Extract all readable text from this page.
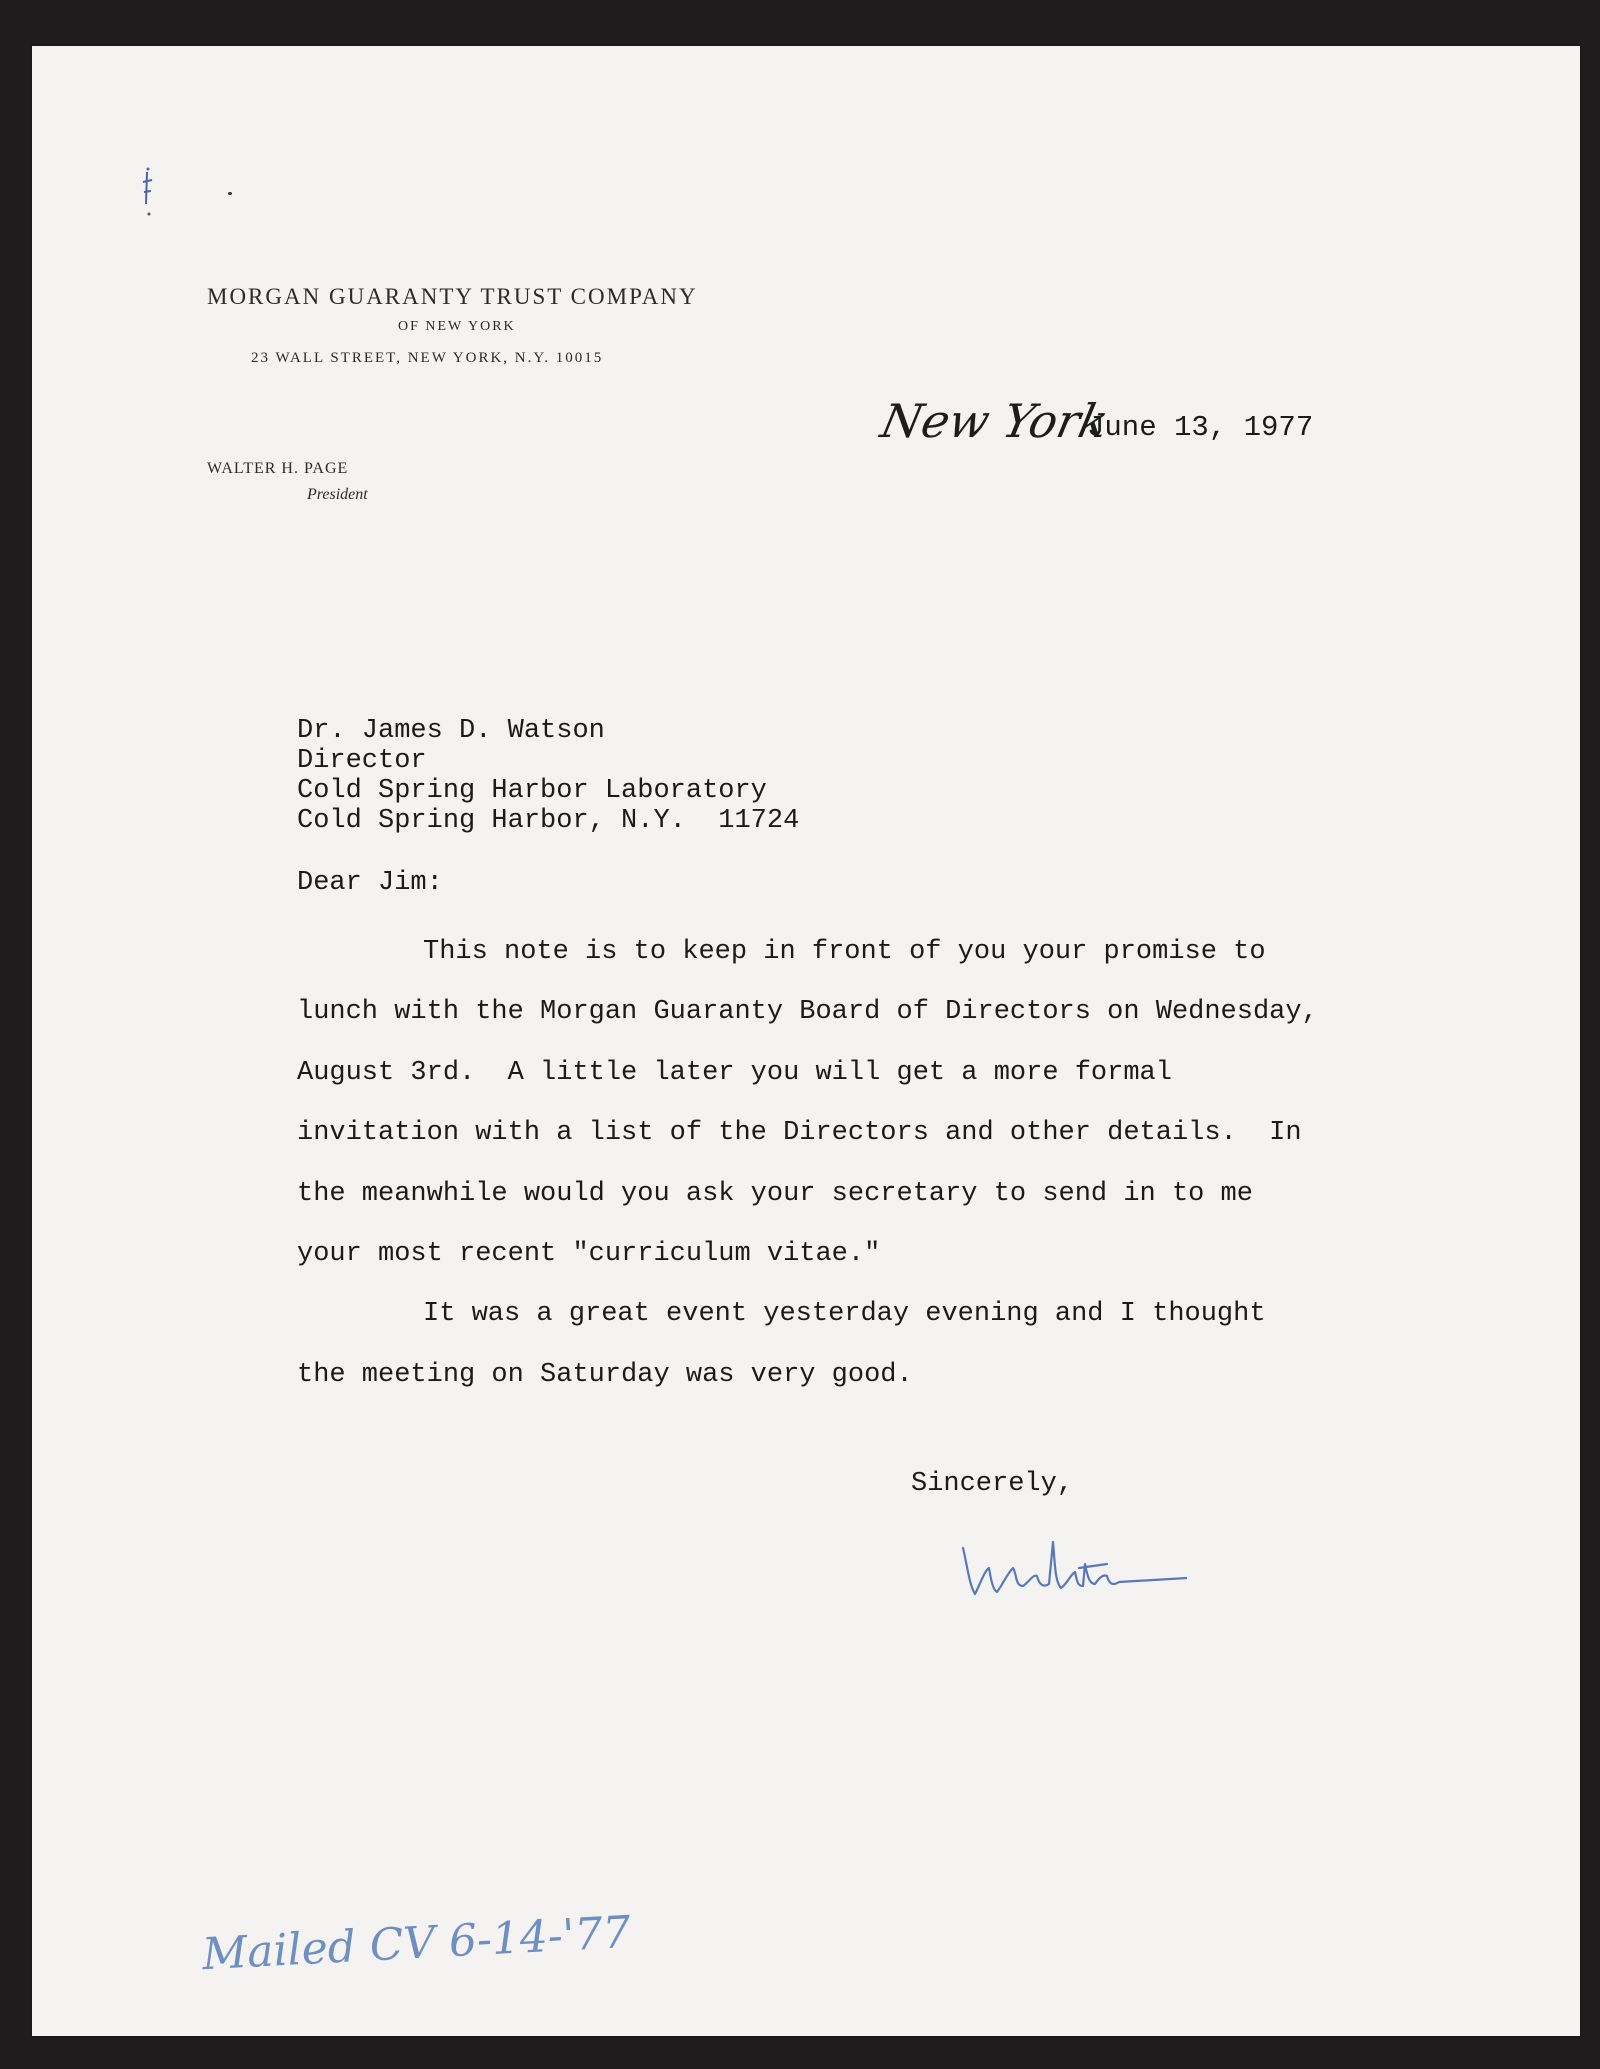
MORGAN GUARANTY TRUST COMPANY
OF NEW YORK
23 WALL STREET, NEW YORK, N.Y. 10015
WALTER H. PAGE
President
New York
June 13, 1977
Dr. James D. Watson
Director
Cold Spring Harbor Laboratory
Cold Spring Harbor, N.Y.  11724
Dear Jim:

This note is to keep in front of you your promise to lunch with the Morgan Guaranty Board of Directors on Wednesday, August 3rd.  A little later you will get a more formal invitation with a list of the Directors and other details.  In the meanwhile would you ask your secretary to send in to me your most recent "curriculum vitae."

It was a great event yesterday evening and I thought the meeting on Saturday was very good.

Sincerely,
Mailed CV 6-14-'77
